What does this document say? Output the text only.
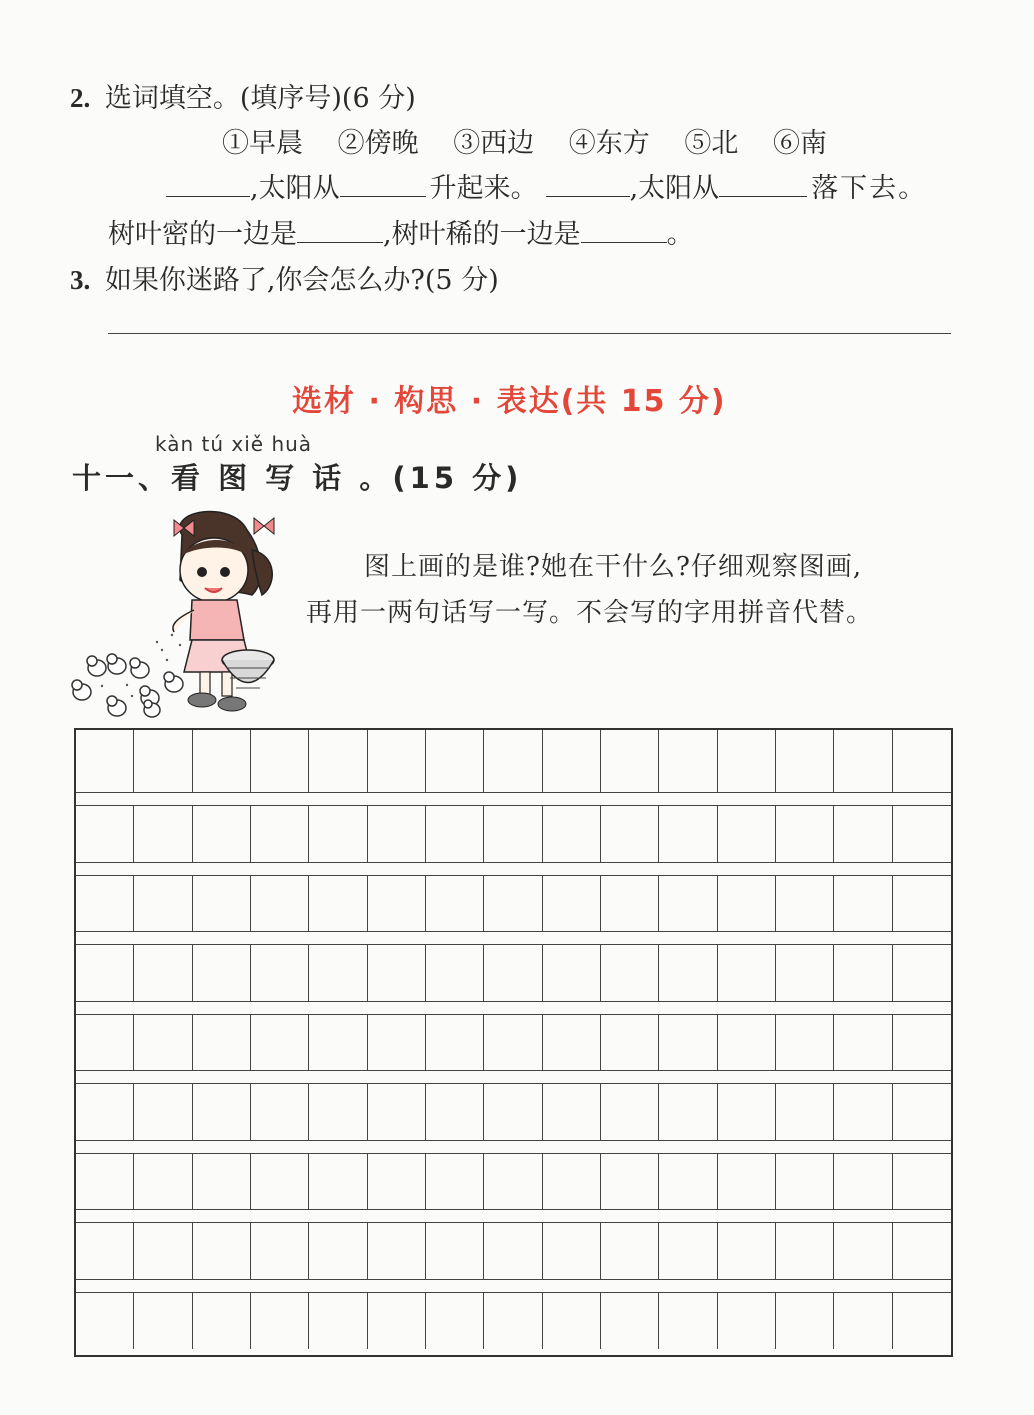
2. 选词填空。(填序号)(6 分)
①早晨 ②傍晚 ③西边 ④东方 ⑤北 ⑥南
,太阳从	升起来。	,太阳从	落下去。
树叶密的一边是	,树叶稀的一边是	。
3. 如果你迷路了,你会怎么办?(5 分)
选材 · 构思 · 表达(共 15 分)
kàn tú xiě huà
十一、看 图 写 话 。(15 分)
图上画的是谁?她在干什么?仔细观察图画,
再用一两句话写一写。不会写的字用拼音代替。
